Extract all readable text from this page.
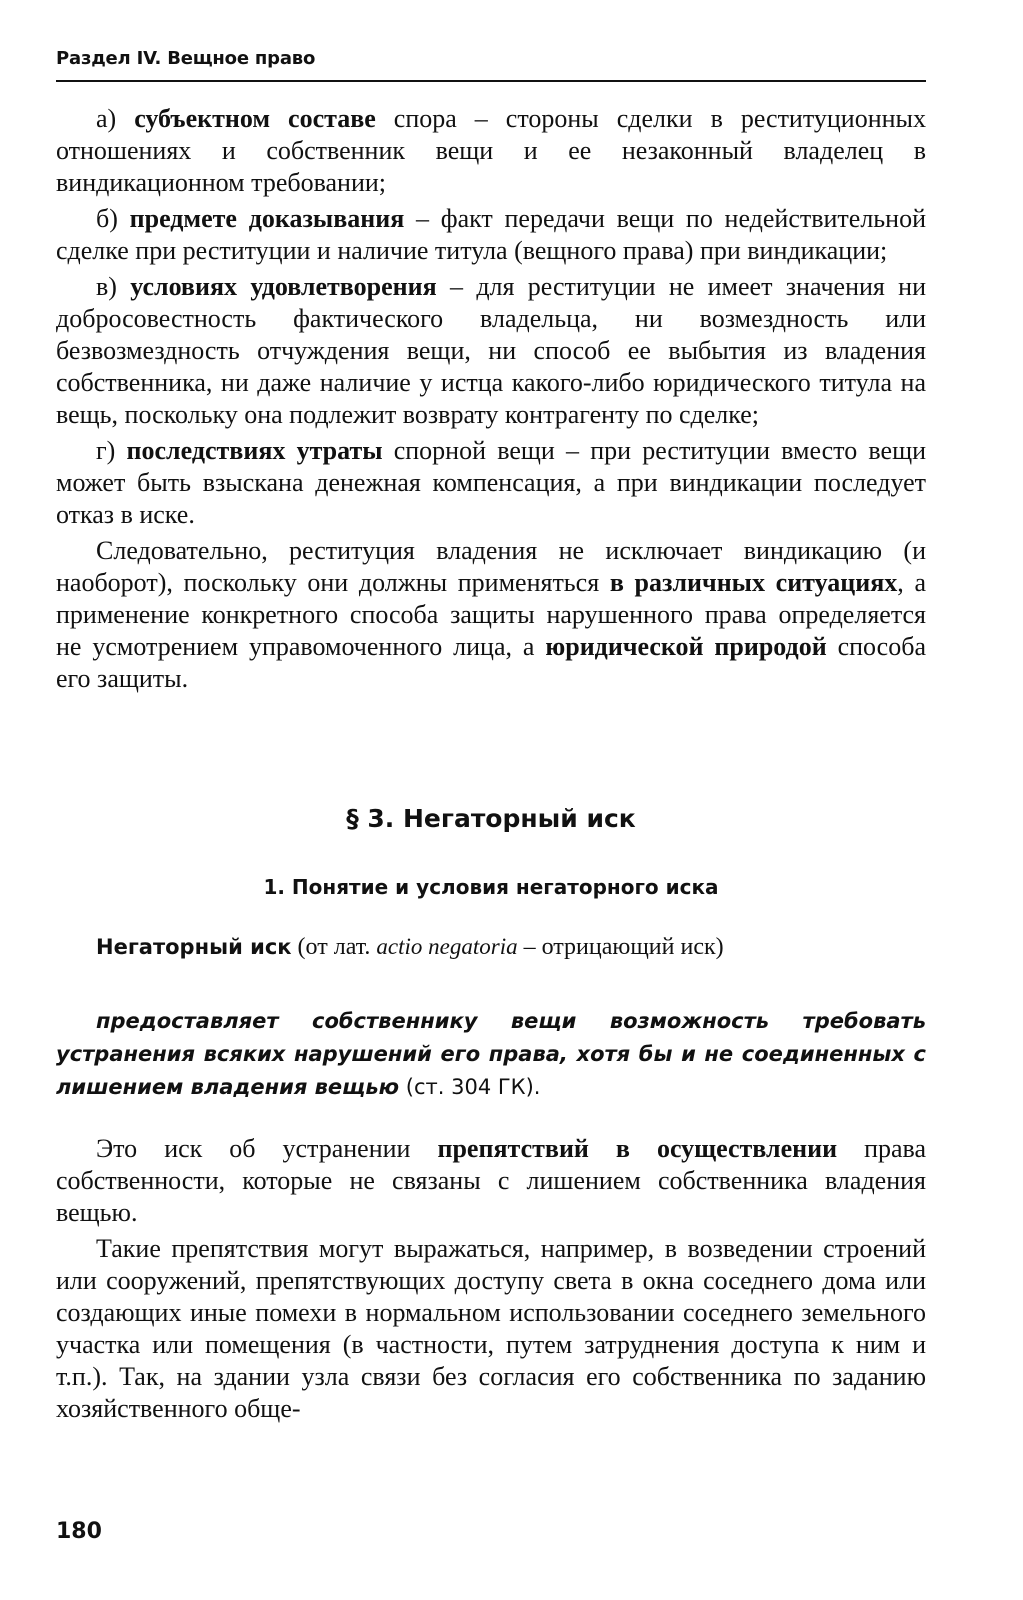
Раздел IV. Вещное право

а) субъектном составе спора – стороны сделки в реституционных отношениях и собственник вещи и ее незаконный владелец в виндикационном требовании;

б) предмете доказывания – факт передачи вещи по недействительной сделке при реституции и наличие титула (вещного права) при виндикации;

в) условиях удовлетворения – для реституции не имеет значения ни добросовестность фактического владельца, ни возмездность или безвозмездность отчуждения вещи, ни способ ее выбытия из владения собственника, ни даже наличие у истца какого-либо юридического титула на вещь, поскольку она подлежит возврату контрагенту по сделке;

г) последствиях утраты спорной вещи – при реституции вместо вещи может быть взыскана денежная компенсация, а при виндикации последует отказ в иске.

Следовательно, реституция владения не исключает виндикацию (и наоборот), поскольку они должны применяться в различных ситуациях, а применение конкретного способа защиты нарушенного права определяется не усмотрением управомоченного лица, а юридической природой способа его защиты.

§ 3. Негаторный иск
1. Понятие и условия негаторного иска
Негаторный иск (от лат. actio negatoria – отрицающий иск)
предоставляет собственнику вещи возможность требовать устранения всяких нарушений его права, хотя бы и не соединенных с лишением владения вещью (ст. 304 ГК).

Это иск об устранении препятствий в осуществлении права собственности, которые не связаны с лишением собственника владения вещью.

Такие препятствия могут выражаться, например, в возведении строений или сооружений, препятствующих доступу света в окна соседнего дома или создающих иные помехи в нормальном использовании соседнего земельного участка или помещения (в частности, путем затруднения доступа к ним и т.п.). Так, на здании узла связи без согласия его собственника по заданию хозяйственного обще-

180
